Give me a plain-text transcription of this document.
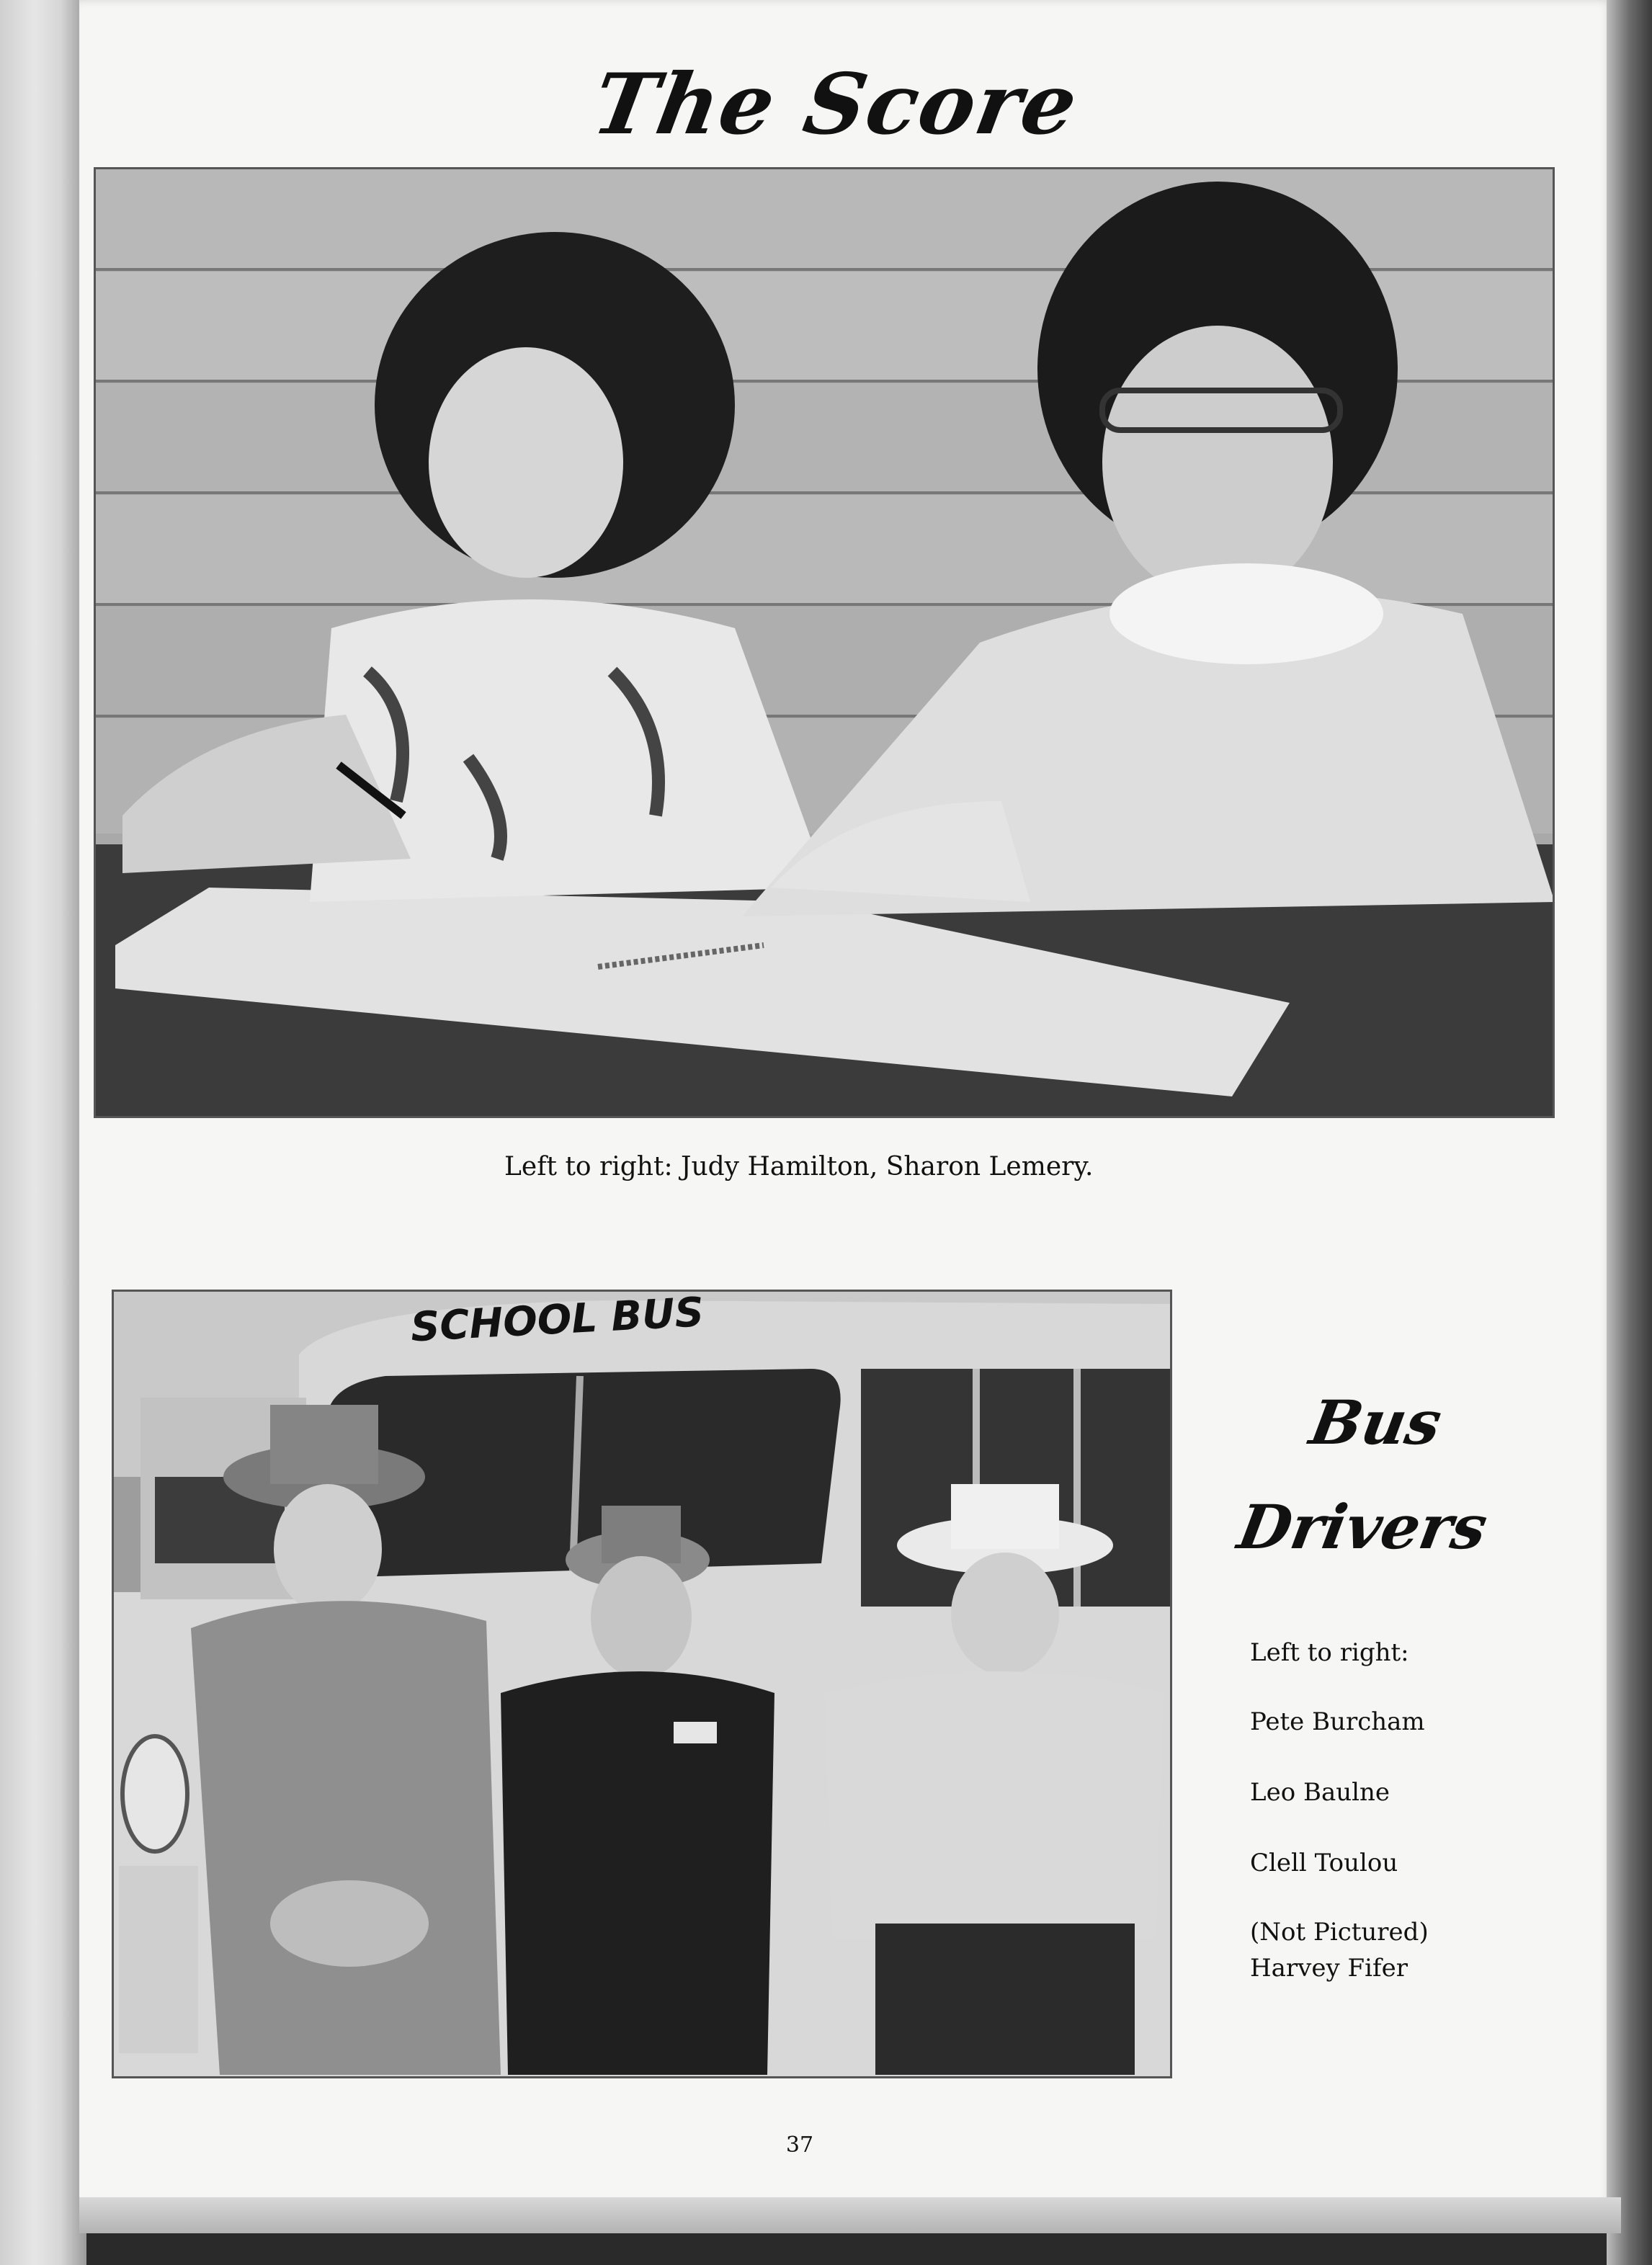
The Score
Left to right: Judy Hamilton, Sharon Lemery.
Bus
Drivers
Left to right:
Pete Burcham
Leo Baulne
Clell Toulou
(Not Pictured)
Harvey Fifer
SCHOOL BUS
37
